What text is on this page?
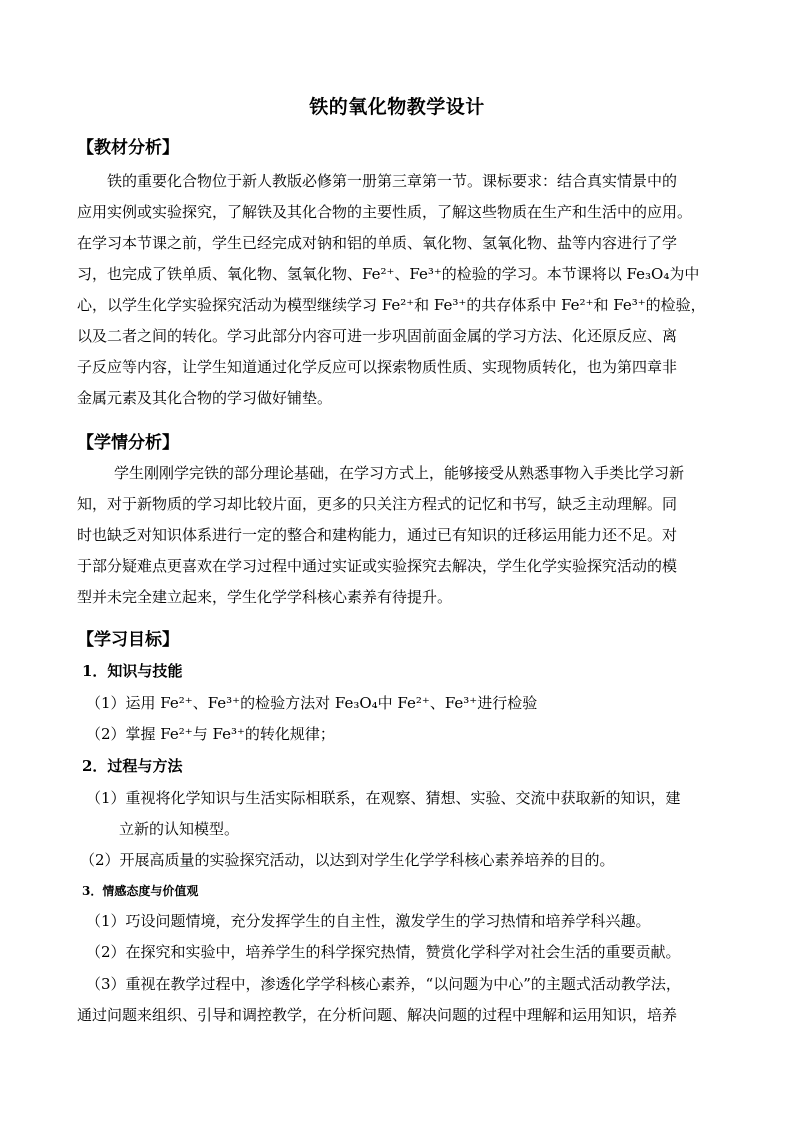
铁的氧化物教学设计
【教材分析】
铁的重要化合物位于新人教版必修第一册第三章第一节。课标要求：结合真实情景中的
应用实例或实验探究，了解铁及其化合物的主要性质，了解这些物质在生产和生活中的应用。
在学习本节课之前，学生已经完成对钠和铝的单质、氧化物、氢氧化物、盐等内容进行了学
习，也完成了铁单质、氧化物、氢氧化物、Fe²⁺、Fe³⁺的检验的学习。本节课将以 Fe₃O₄为中
心，以学生化学实验探究活动为模型继续学习 Fe²⁺和 Fe³⁺的共存体系中 Fe²⁺和 Fe³⁺的检验，
以及二者之间的转化。学习此部分内容可进一步巩固前面金属的学习方法、化还原反应、离
子反应等内容，让学生知道通过化学反应可以探索物质性质、实现物质转化，也为第四章非
金属元素及其化合物的学习做好铺垫。
【学情分析】
学生刚刚学完铁的部分理论基础，在学习方式上，能够接受从熟悉事物入手类比学习新
知，对于新物质的学习却比较片面，更多的只关注方程式的记忆和书写，缺乏主动理解。同
时也缺乏对知识体系进行一定的整合和建构能力，通过已有知识的迁移运用能力还不足。对
于部分疑难点更喜欢在学习过程中通过实证或实验探究去解决，学生化学实验探究活动的模
型并未完全建立起来，学生化学学科核心素养有待提升。
【学习目标】
1．知识与技能
（1）运用 Fe²⁺、Fe³⁺的检验方法对 Fe₃O₄中 Fe²⁺、Fe³⁺进行检验
（2）掌握 Fe²⁺与 Fe³⁺的转化规律；
2．过程与方法
（1）重视将化学知识与生活实际相联系，在观察、猜想、实验、交流中获取新的知识，建
立新的认知模型。
（2）开展高质量的实验探究活动，以达到对学生化学学科核心素养培养的目的。
3．情感态度与价值观
（1）巧设问题情境，充分发挥学生的自主性，激发学生的学习热情和培养学科兴趣。
（2）在探究和实验中，培养学生的科学探究热情，赞赏化学科学对社会生活的重要贡献。
（3）重视在教学过程中，渗透化学学科核心素养，“以问题为中心”的主题式活动教学法，
通过问题来组织、引导和调控教学，在分析问题、解决问题的过程中理解和运用知识，培养
